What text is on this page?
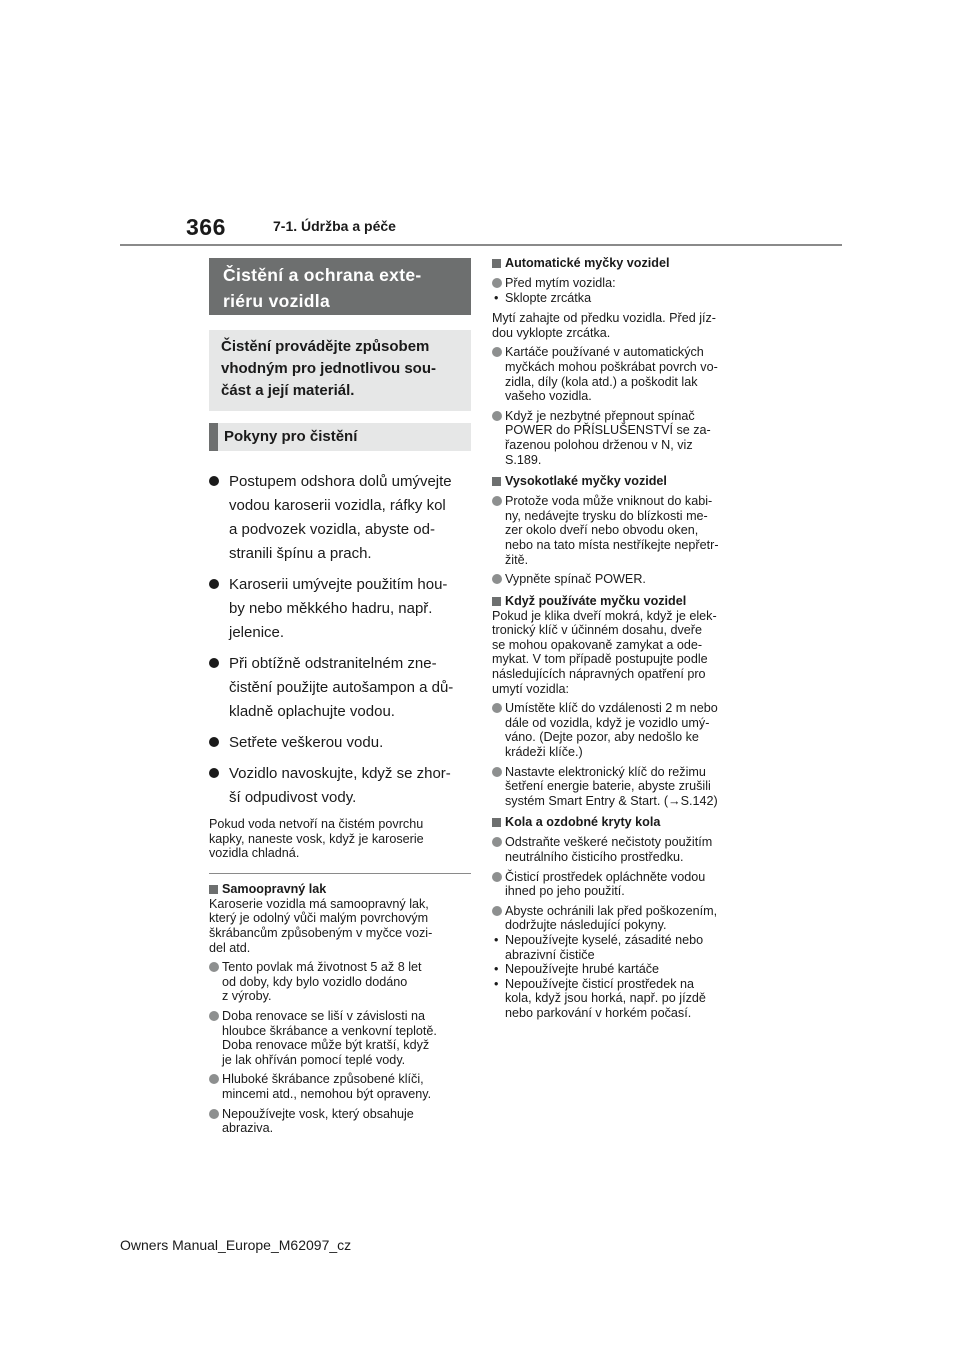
366	7-1. Údržba a péče
Čistění a ochrana exte-
riéru vozidla
Čistění provádějte způsobem
vhodným pro jednotlivou sou-
část a její materiál.
Pokyny pro čistění
Postupem odshora dolů umývejte
vodou karoserii vozidla, ráfky kol
a podvozek vozidla, abyste od-
stranili špínu a prach.
Karoserii umývejte použitím hou-
by nebo měkkého hadru, např.
jelenice.
Při obtížně odstranitelném zne-
čistění použijte autošampon a dů-
kladně oplachujte vodou.
Setřete veškerou vodu.
Vozidlo navoskujte, když se zhor-
ší odpudivost vody.
Pokud voda netvoří na čistém povrchu
kapky, naneste vosk, když je karoserie
vozidla chladná.
Samoopravný lak
Karoserie vozidla má samoopravný lak,
který je odolný vůči malým povrchovým
škrábancům způsobeným v myčce vozi-
del atd.
Tento povlak má životnost 5 až 8 let
od doby, kdy bylo vozidlo dodáno
z výroby.
Doba renovace se liší v závislosti na
hloubce škrábance a venkovní teplotě.
Doba renovace může být kratší, když
je lak ohříván pomocí teplé vody.
Hluboké škrábance způsobené klíči,
mincemi atd., nemohou být opraveny.
Nepoužívejte vosk, který obsahuje
abraziva.
Automatické myčky vozidel
Před mytím vozidla:
• Sklopte zrcátka
Mytí zahajte od předku vozidla. Před jíz-
dou vyklopte zrcátka.
Kartáče používané v automatických
myčkách mohou poškrábat povrch vo-
zidla, díly (kola atd.) a poškodit lak
vašeho vozidla.
Když je nezbytné přepnout spínač
POWER do PŘÍSLUŠENSTVÍ se za-
řazenou polohou drženou v N, viz
S.189.
Vysokotlaké myčky vozidel
Protože voda může vniknout do kabi-
ny, nedávejte trysku do blízkosti me-
zer okolo dveří nebo obvodu oken,
nebo na tato místa nestříkejte nepřetr-
žitě.
Vypněte spínač POWER.
Když používáte myčku vozidel
Pokud je klika dveří mokrá, když je elek-
tronický klíč v účinném dosahu, dveře
se mohou opakovaně zamykat a ode-
mykat. V tom případě postupujte podle
následujících nápravných opatření pro
umytí vozidla:
Umístěte klíč do vzdálenosti 2 m nebo
dále od vozidla, když je vozidlo umý-
váno. (Dejte pozor, aby nedošlo ke
krádeži klíče.)
Nastavte elektronický klíč do režimu
šetření energie baterie, abyste zrušili
systém Smart Entry & Start. (→S.142)
Kola a ozdobné kryty kola
Odstraňte veškeré nečistoty použitím
neutrálního čisticího prostředku.
Čisticí prostředek opláchněte vodou
ihned po jeho použití.
Abyste ochránili lak před poškozením,
dodržujte následující pokyny.
• Nepoužívejte kyselé, zásadité nebo
abrazivní čističe
• Nepoužívejte hrubé kartáče
• Nepoužívejte čisticí prostředek na
kola, když jsou horká, např. po jízdě
nebo parkování v horkém počasí.
Owners Manual_Europe_M62097_cz
